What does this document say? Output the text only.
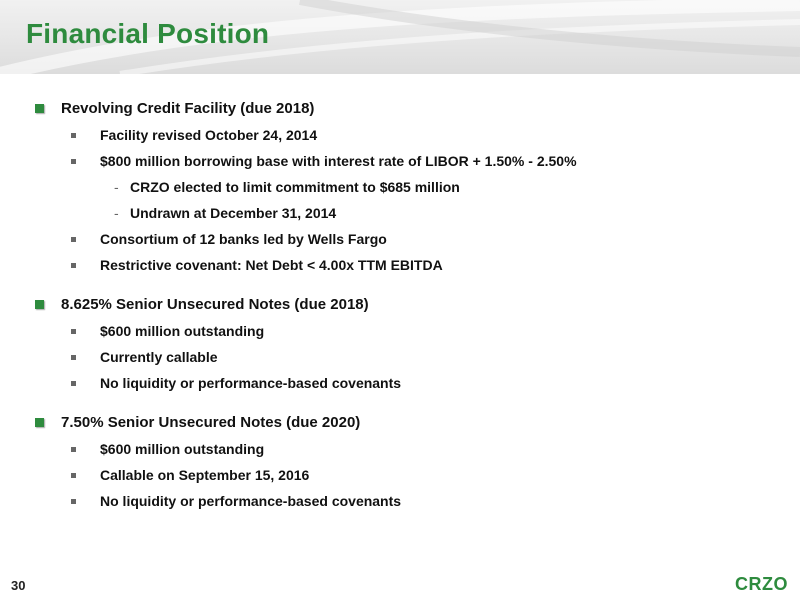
Financial Position
Revolving Credit Facility (due 2018)
Facility revised October 24, 2014
$800 million borrowing base with interest rate of LIBOR + 1.50% - 2.50%
- CRZO elected to limit commitment to $685 million
- Undrawn at December 31, 2014
Consortium of 12 banks led by Wells Fargo
Restrictive covenant: Net Debt < 4.00x TTM EBITDA
8.625% Senior Unsecured Notes (due 2018)
$600 million outstanding
Currently callable
No liquidity or performance-based covenants
7.50% Senior Unsecured Notes (due 2020)
$600 million outstanding
Callable on September 15, 2016
No liquidity or performance-based covenants
30	CRZO
